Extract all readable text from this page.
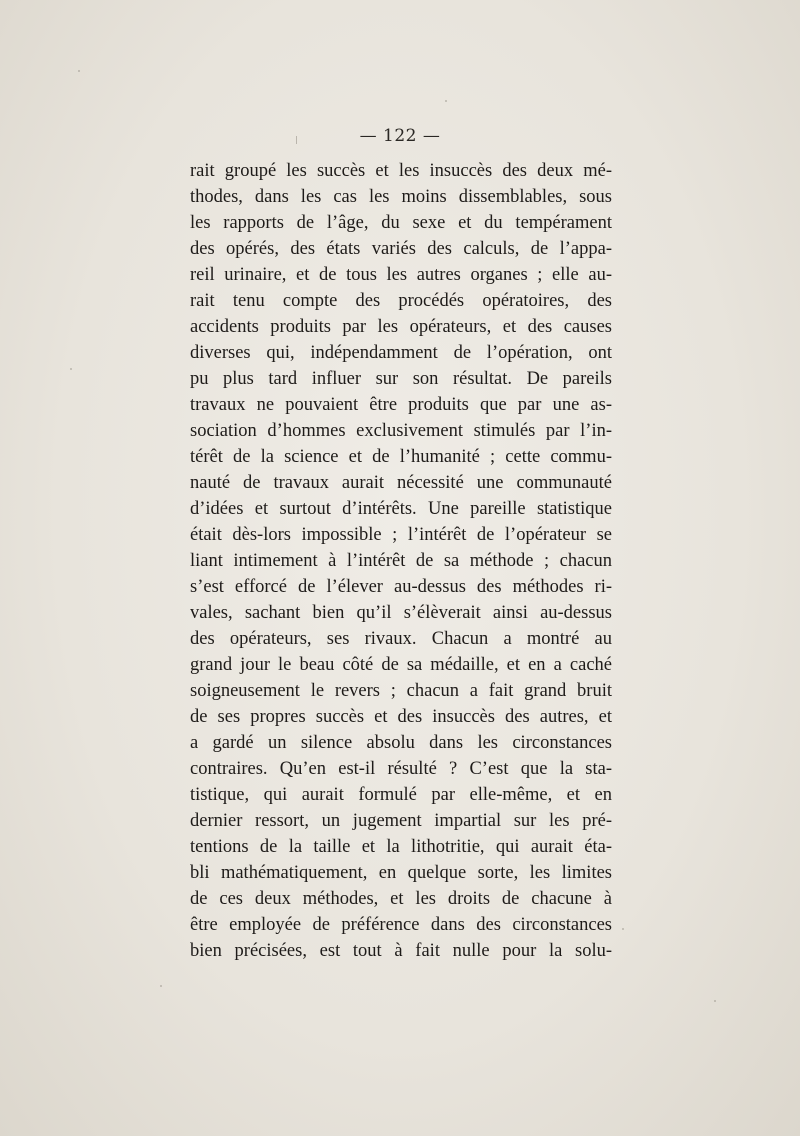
— 122 —
rait groupé les succès et les insuccès des deux mé-
thodes, dans les cas les moins dissemblables, sous
les rapports de l’âge, du sexe et du tempérament
des opérés, des états variés des calculs, de l’appa-
reil urinaire, et de tous les autres organes ; elle au-
rait tenu compte des procédés opératoires, des
accidents produits par les opérateurs, et des causes
diverses qui, indépendamment de l’opération, ont
pu plus tard influer sur son résultat. De pareils
travaux ne pouvaient être produits que par une as-
sociation d’hommes exclusivement stimulés par l’in-
térêt de la science et de l’humanité ; cette commu-
nauté de travaux aurait nécessité une communauté
d’idées et surtout d’intérêts. Une pareille statistique
était dès-lors impossible ; l’intérêt de l’opérateur se
liant intimement à l’intérêt de sa méthode ; chacun
s’est efforcé de l’élever au-dessus des méthodes ri-
vales, sachant bien qu’il s’élèverait ainsi au-dessus
des opérateurs, ses rivaux. Chacun a montré au
grand jour le beau côté de sa médaille, et en a caché
soigneusement le revers ; chacun a fait grand bruit
de ses propres succès et des insuccès des autres, et
a gardé un silence absolu dans les circonstances
contraires. Qu’en est-il résulté ? C’est que la sta-
tistique, qui aurait formulé par elle-même, et en
dernier ressort, un jugement impartial sur les pré-
tentions de la taille et la lithotritie, qui aurait éta-
bli mathématiquement, en quelque sorte, les limites
de ces deux méthodes, et les droits de chacune à
être employée de préférence dans des circonstances
bien précisées, est tout à fait nulle pour la solu-
